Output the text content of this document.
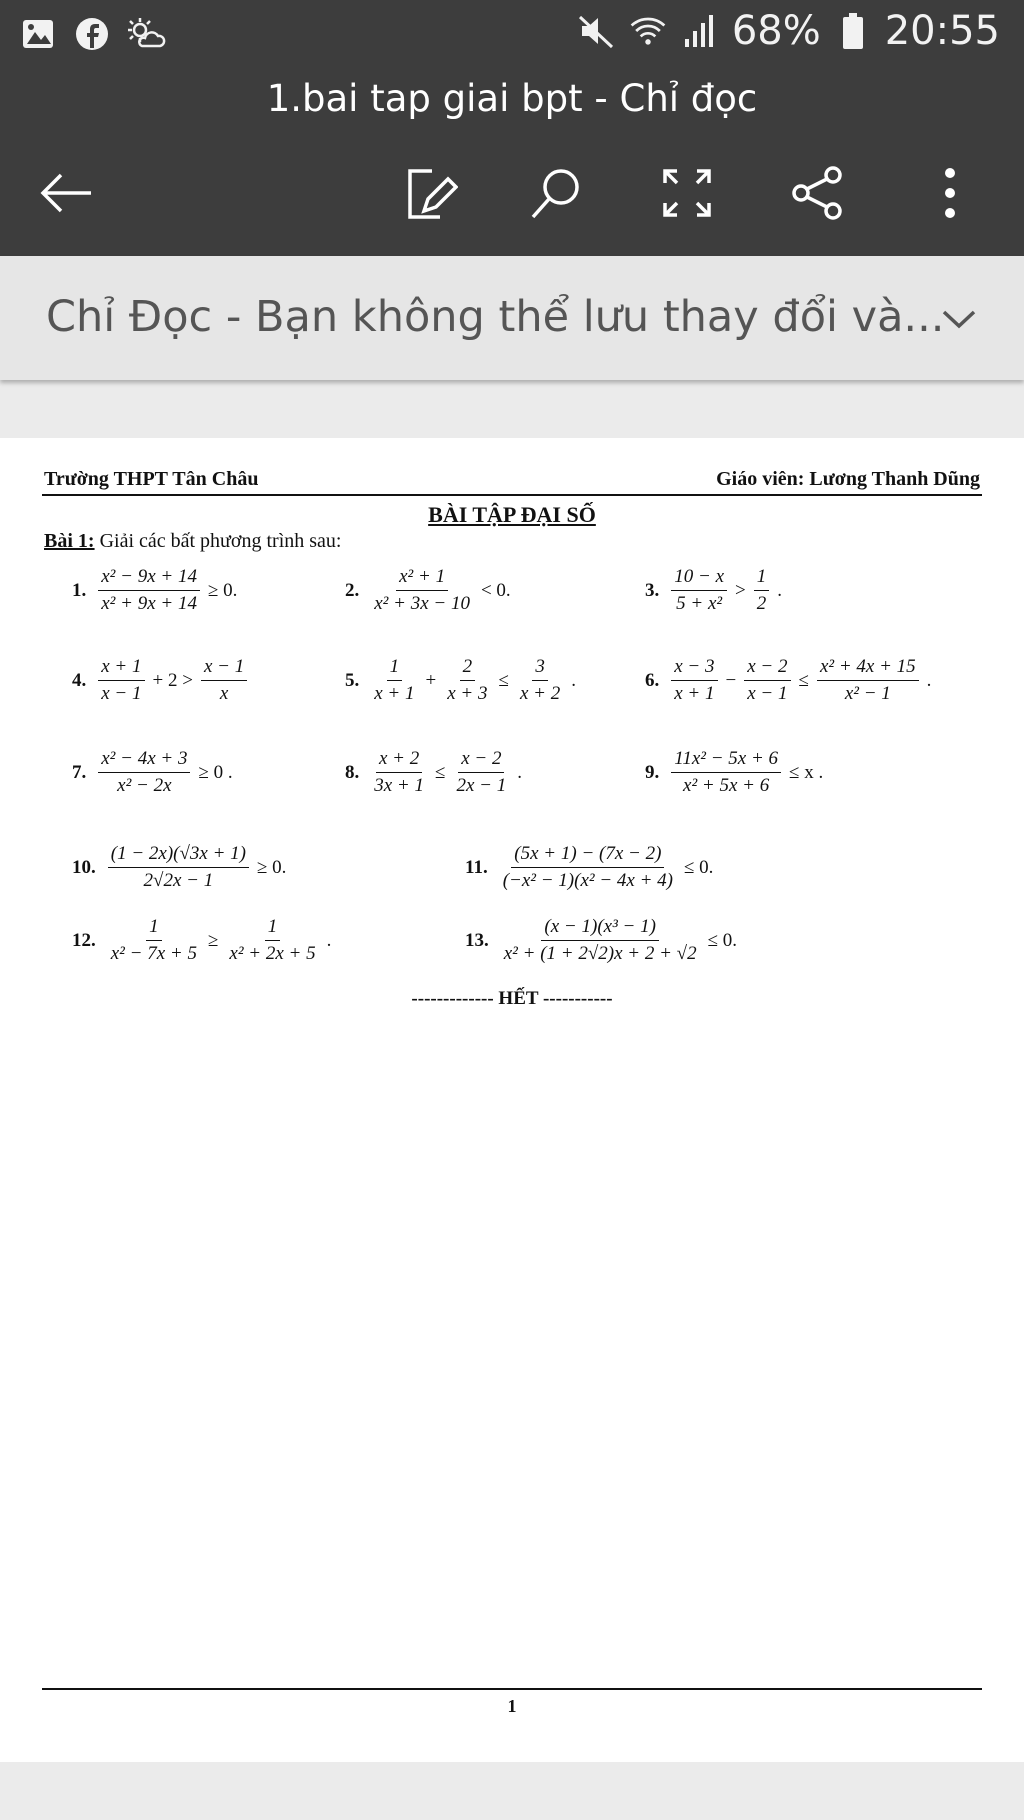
68% 20:55
1.bai tap giai bpt - Chỉ đọc
Chỉ Đọc - Bạn không thể lưu thay đổi và...
Trường THPT Tân Châu	Giáo viên: Lương Thanh Dũng
BÀI TẬP ĐẠI SỐ
Bài 1: Giải các bất phương trình sau:
1. $\frac{\text{x² − 9x + 14}}{\text{x² + 9x + 14}} \ge 0$.	2. $\frac{\text{x² + 1}}{\text{x² + 3x − 10}} < 0$.	3. $\frac{10 - x}{\text{5 + x²}} > \frac{1}{2}$ .
4. $\frac{x + 1}{x - 1} + 2 > \frac{x - 1}{x}$	5. $\frac{1}{x + 1} + \frac{2}{x + 3} \le \frac{3}{x + 2}$ .	6. $\frac{x - 3}{x + 1} - \frac{x - 2}{x - 1} \le \frac{\text{x² + 4x + 15}}{\text{x² − 1}}$ .
7. $\frac{\text{x² − 4x + 3}}{\text{x² − 2x}} \ge 0$ .	8. $\frac{x + 2}{3x + 1} \le \frac{x - 2}{2x - 1}$ .	9. $\frac{\text{11x² − 5x + 6}}{\text{x² + 5x + 6}} \le x$ .
10. $\frac{(1 - 2x)(√3x + 1)}{2√2x - 1} \ge 0$.	11. $\frac{(5x + 1) - (7x - 2)}{\text{(−x² − 1)(x² − 4x + 4)}} \le 0$.
12. $\frac{1}{\text{x² − 7x + 5}} \ge \frac{1}{\text{x² + 2x + 5}}$ .	13. $\frac{\text{(x − 1)(x³ − 1)}}{\text{x² + (1 + 2√2)x + 2 + √2}} \le 0$.
------------- HẾT -----------
1
